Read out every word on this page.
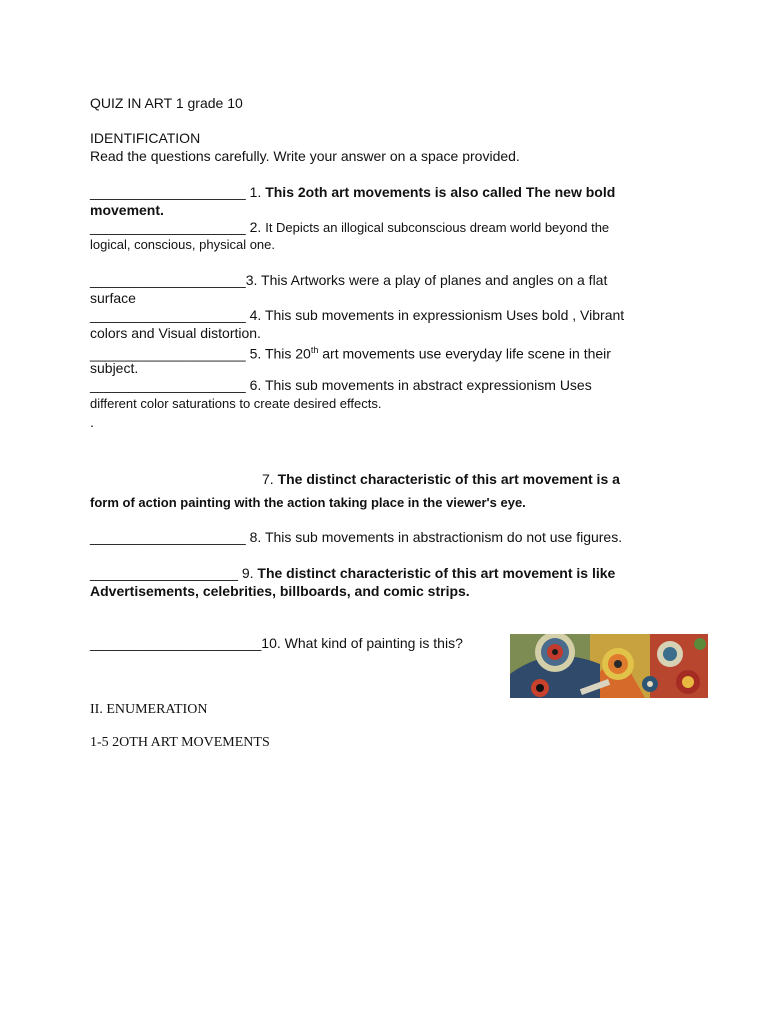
QUIZ IN ART 1 grade 10
IDENTIFICATION
Read the questions carefully. Write your answer on a space provided.
____________________ 1. This 2oth art movements is also called The new bold
movement.
____________________ 2. It Depicts an illogical subconscious dream world beyond the
logical, conscious, physical one.
____________________3. This Artworks were a play of planes and angles on a flat
surface
____________________ 4. This sub movements in expressionism Uses bold , Vibrant
colors and Visual distortion.
____________________ 5. This 20th art movements use everyday life scene in their
subject.
____________________ 6. This sub movements in abstract expressionism Uses
different color saturations to create desired effects.
.
7. The distinct characteristic of this art movement is a
form of action painting with the action taking place in the viewer's eye.
____________________ 8. This sub movements in abstractionism do not use figures.
___________________ 9. The distinct characteristic of this art movement is like
Advertisements, celebrities, billboards, and comic strips.
______________________10. What kind of painting is this?
II. ENUMERATION
1-5 2OTH ART MOVEMENTS
